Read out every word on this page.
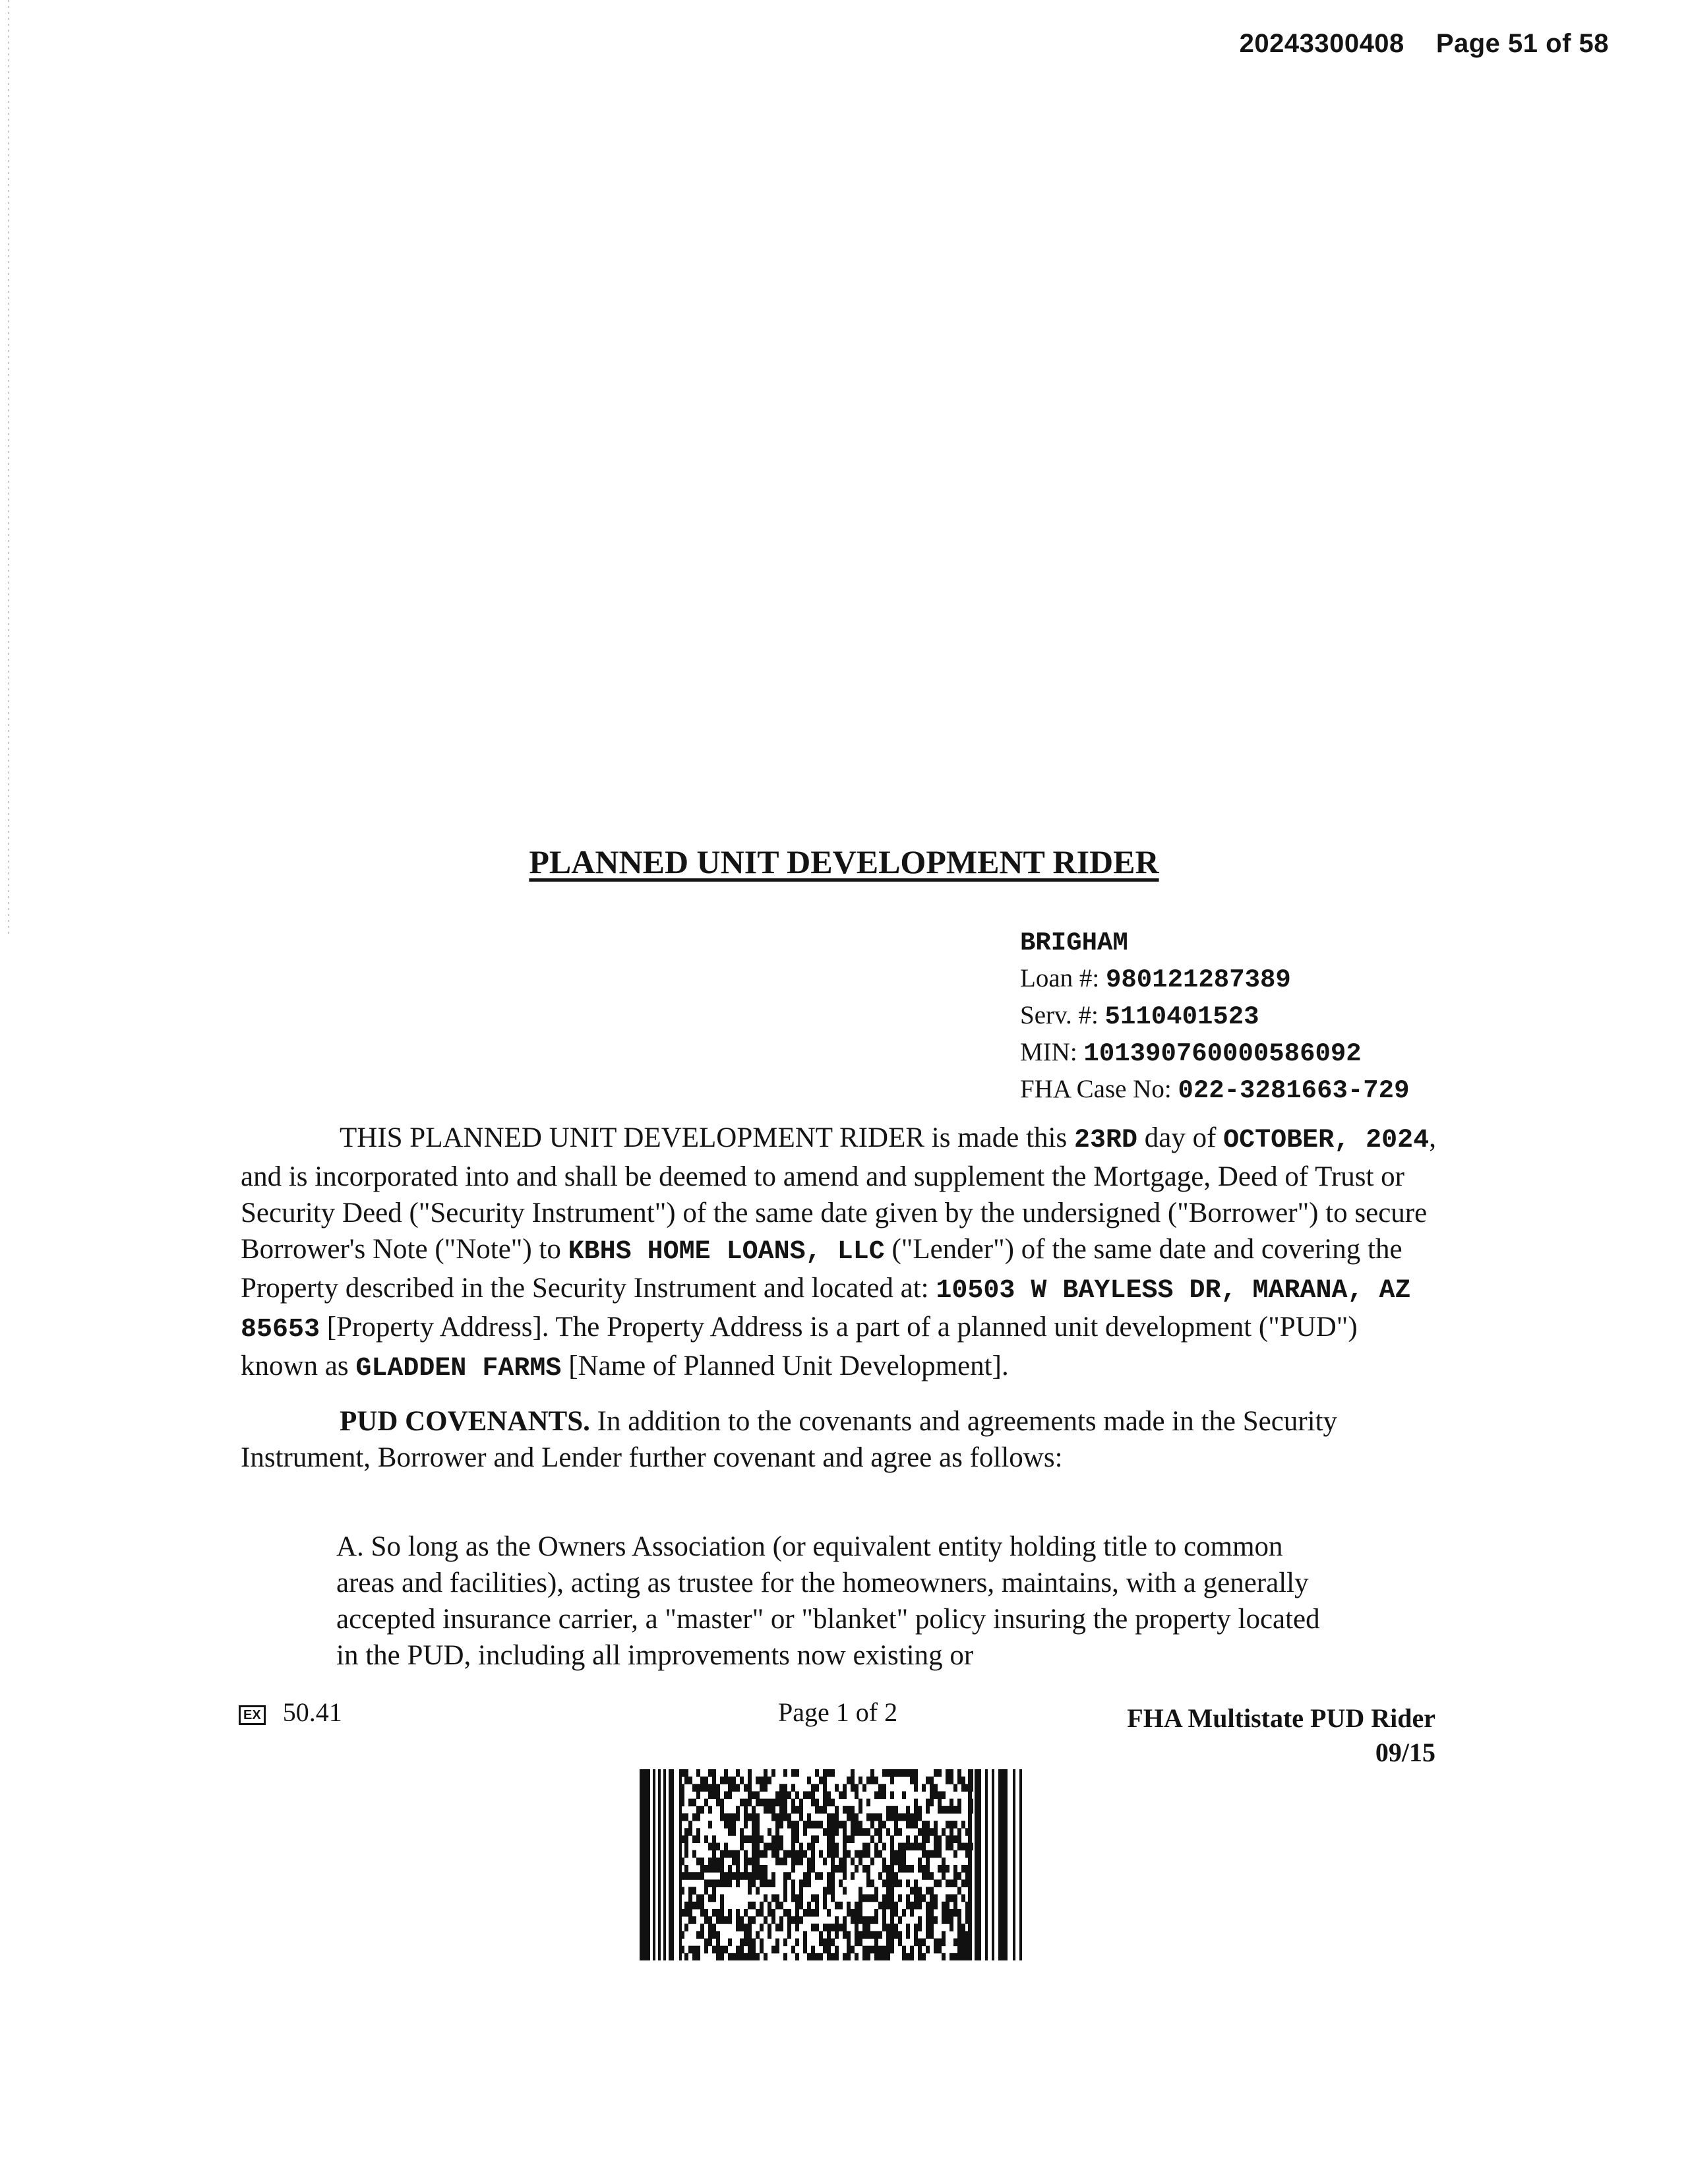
20243300408 Page 51 of 58
PLANNED UNIT DEVELOPMENT RIDER
BRIGHAM
Loan #: 980121287389
Serv. #: 5110401523
MIN: 101390760000586092
FHA Case No: 022-3281663-729
THIS PLANNED UNIT DEVELOPMENT RIDER is made this 23RD day of OCTOBER, 2024, and is incorporated into and shall be deemed to amend and supplement the Mortgage, Deed of Trust or Security Deed ("Security Instrument") of the same date given by the undersigned ("Borrower") to secure Borrower's Note ("Note") to KBHS HOME LOANS, LLC ("Lender") of the same date and covering the Property described in the Security Instrument and located at: 10503 W BAYLESS DR, MARANA, AZ 85653 [Property Address]. The Property Address is a part of a planned unit development ("PUD") known as GLADDEN FARMS [Name of Planned Unit Development].
PUD COVENANTS. In addition to the covenants and agreements made in the Security Instrument, Borrower and Lender further covenant and agree as follows:
A. So long as the Owners Association (or equivalent entity holding title to common areas and facilities), acting as trustee for the homeowners, maintains, with a generally accepted insurance carrier, a "master" or "blanket" policy insuring the property located in the PUD, including all improvements now existing or
EX 50.41	Page 1 of 2	FHA Multistate PUD Rider
09/15
